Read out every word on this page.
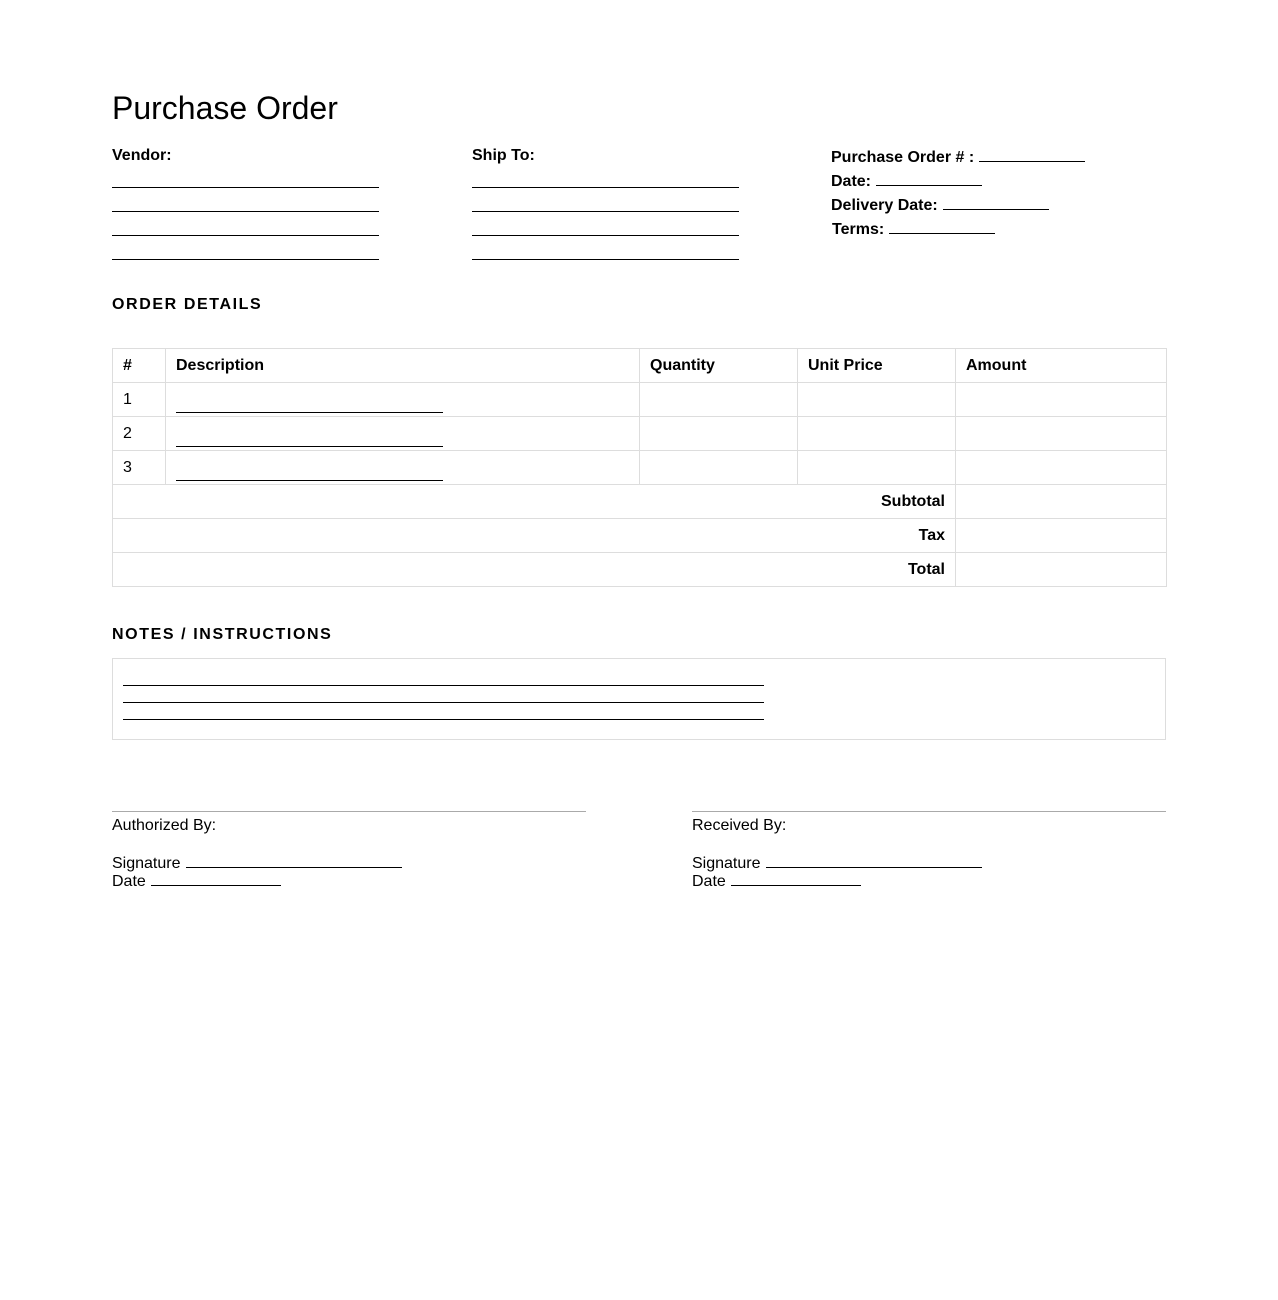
Purchase Order
Vendor:	Ship To:	Purchase Order # :
Date:
Delivery Date:
Terms:
ORDER DETAILS
#	Description	Quantity	Unit Price	Amount
1				
2				
3				
Subtotal				
Tax				
Total				
NOTES / INSTRUCTIONS
Authorized By:
Signature
Date
Received By:
Signature
Date
